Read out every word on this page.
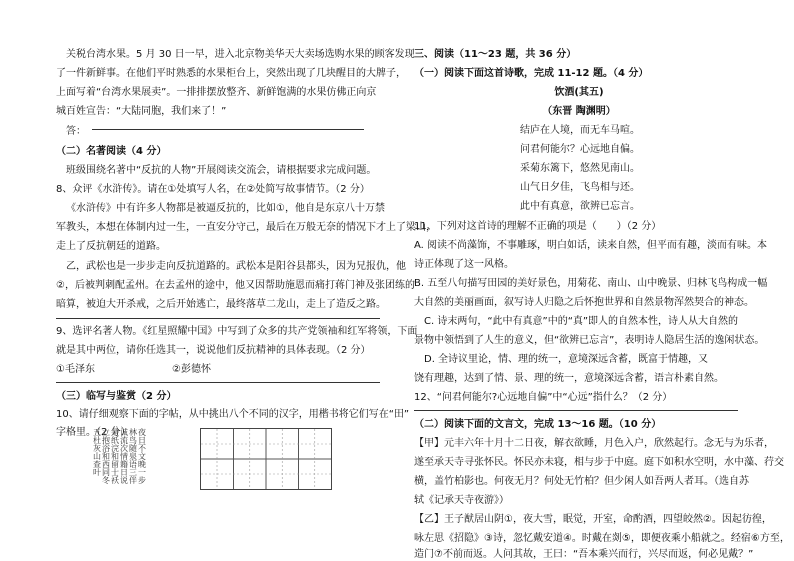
关税台湾水果。5 月 30 日一早，进入北京物美华天大卖场选购水果的顾客发现
了一件新鲜事。在他们平时熟悉的水果柜台上，突然出现了几块醒目的大牌子，
上面写着“台湾水果展卖”。一排排摆放整齐、新鲜饱满的水果仿佛正向京
城百姓宣告：“大陆同胞，我们来了！”
答：
（二）名著阅读（4 分）
班级围绕名著中“反抗的人物”开展阅读交流会，请根据要求完成问题。
8、众评《水浒传》。请在①处填写人名，在②处简写故事情节。（2 分）
《水浒传》中有许多人物都是被逼反抗的，比如①，他自是东京八十万禁
军教头，本想在体制内过一生，一直安分守己，最后在万般无奈的情况下才上了梁山，
走上了反抗朝廷的道路。
乙，武松也是一步步走向反抗道路的。武松本是阳谷县都头，因为兄报仇，他
②，后被判刺配孟州。在去孟州的途中，他又因帮助施恩而痛打蒋门神及张团练的
暗算，被迫大开杀戒，之后开始逃亡，最终落草二龙山，走上了造反之路。
9、选评名著人物。《红星照耀中国》中写到了众多的共产党领袖和红军将领，下面
就是其中两位，请你任选其一，说说他们反抗精神的具体表现。（2 分）
①毛泽东	②彭德怀
（三）临写与鉴赏（2 分）
10、请仔细观察下面的字帖，从中挑出八个不同的汉字，用楷书将它们写在“田”
字格里。（2 分） 夜日不文晚一步
林鸟随泉语三伴
诚流次情籍日说
是纸浣和留士袄
立抱浴和西同冬
五杜灰山查叶
三、阅读（11～23 题，共 36 分）
（一）阅读下面这首诗歌，完成 11-12 题。（4 分）
饮酒(其五)
（东晋 陶渊明）
结庐在人境，而无车马喧。
问君何能尔？心远地自偏。
采菊东篱下，悠然见南山。
山气日夕佳，飞鸟相与还。
此中有真意，欲辨已忘言。
11、下列对这首诗的理解不正确的项是（　　）（2 分）
A. 阅读不尚藻饰，不事雕琢，明白如话，读来自然，但平而有趣，淡而有味。本
诗正体现了这一风格。
B. 五至八句描写田园的美好景色，用菊花、南山、山中晚景、归林飞鸟构成一幅
大自然的美丽画面，叙写诗人归隐之后怀抱世界和自然景物浑然契合的神态。
C. 诗末两句，“此中有真意”中的“真”即人的自然本性，诗人从大自然的
景物中领悟到了人生的意义，但“欲辨已忘言”，表明诗人隐居生活的逸闲状态。
D. 全诗议里论，情、理的统一，意境深远含蓄，既富于情趣，又
饶有理趣，达到了情、景、理的统一，意境深远含蓄，语言朴素自然。
12、“问君何能尔?心远地自偏”中“心远”指什么？（2 分）
（二）阅读下面的文言文，完成 13～16 题。（10 分）
【甲】元丰六年十月十二日夜，解衣欲睡，月色入户，欣然起行。念无与为乐者，
遂至承天寺寻张怀民。怀民亦未寝，相与步于中庭。庭下如积水空明，水中藻、荇交
横，盖竹柏影也。何夜无月？何处无竹柏？但少闲人如吾两人者耳。（选自苏
轼《记承天寺夜游》）
【乙】王子猷居山阴①，夜大雪，眠觉，开室，命酌酒，四望皎然②。因起彷徨，
咏左思《招隐》③诗，忽忆戴安道④。时戴在剡⑤，即便夜乘小船就之。经宿⑥方至，
造门⑦不前而返。人问其故，王曰：“吾本乘兴而行，兴尽而返，何必见戴？”
